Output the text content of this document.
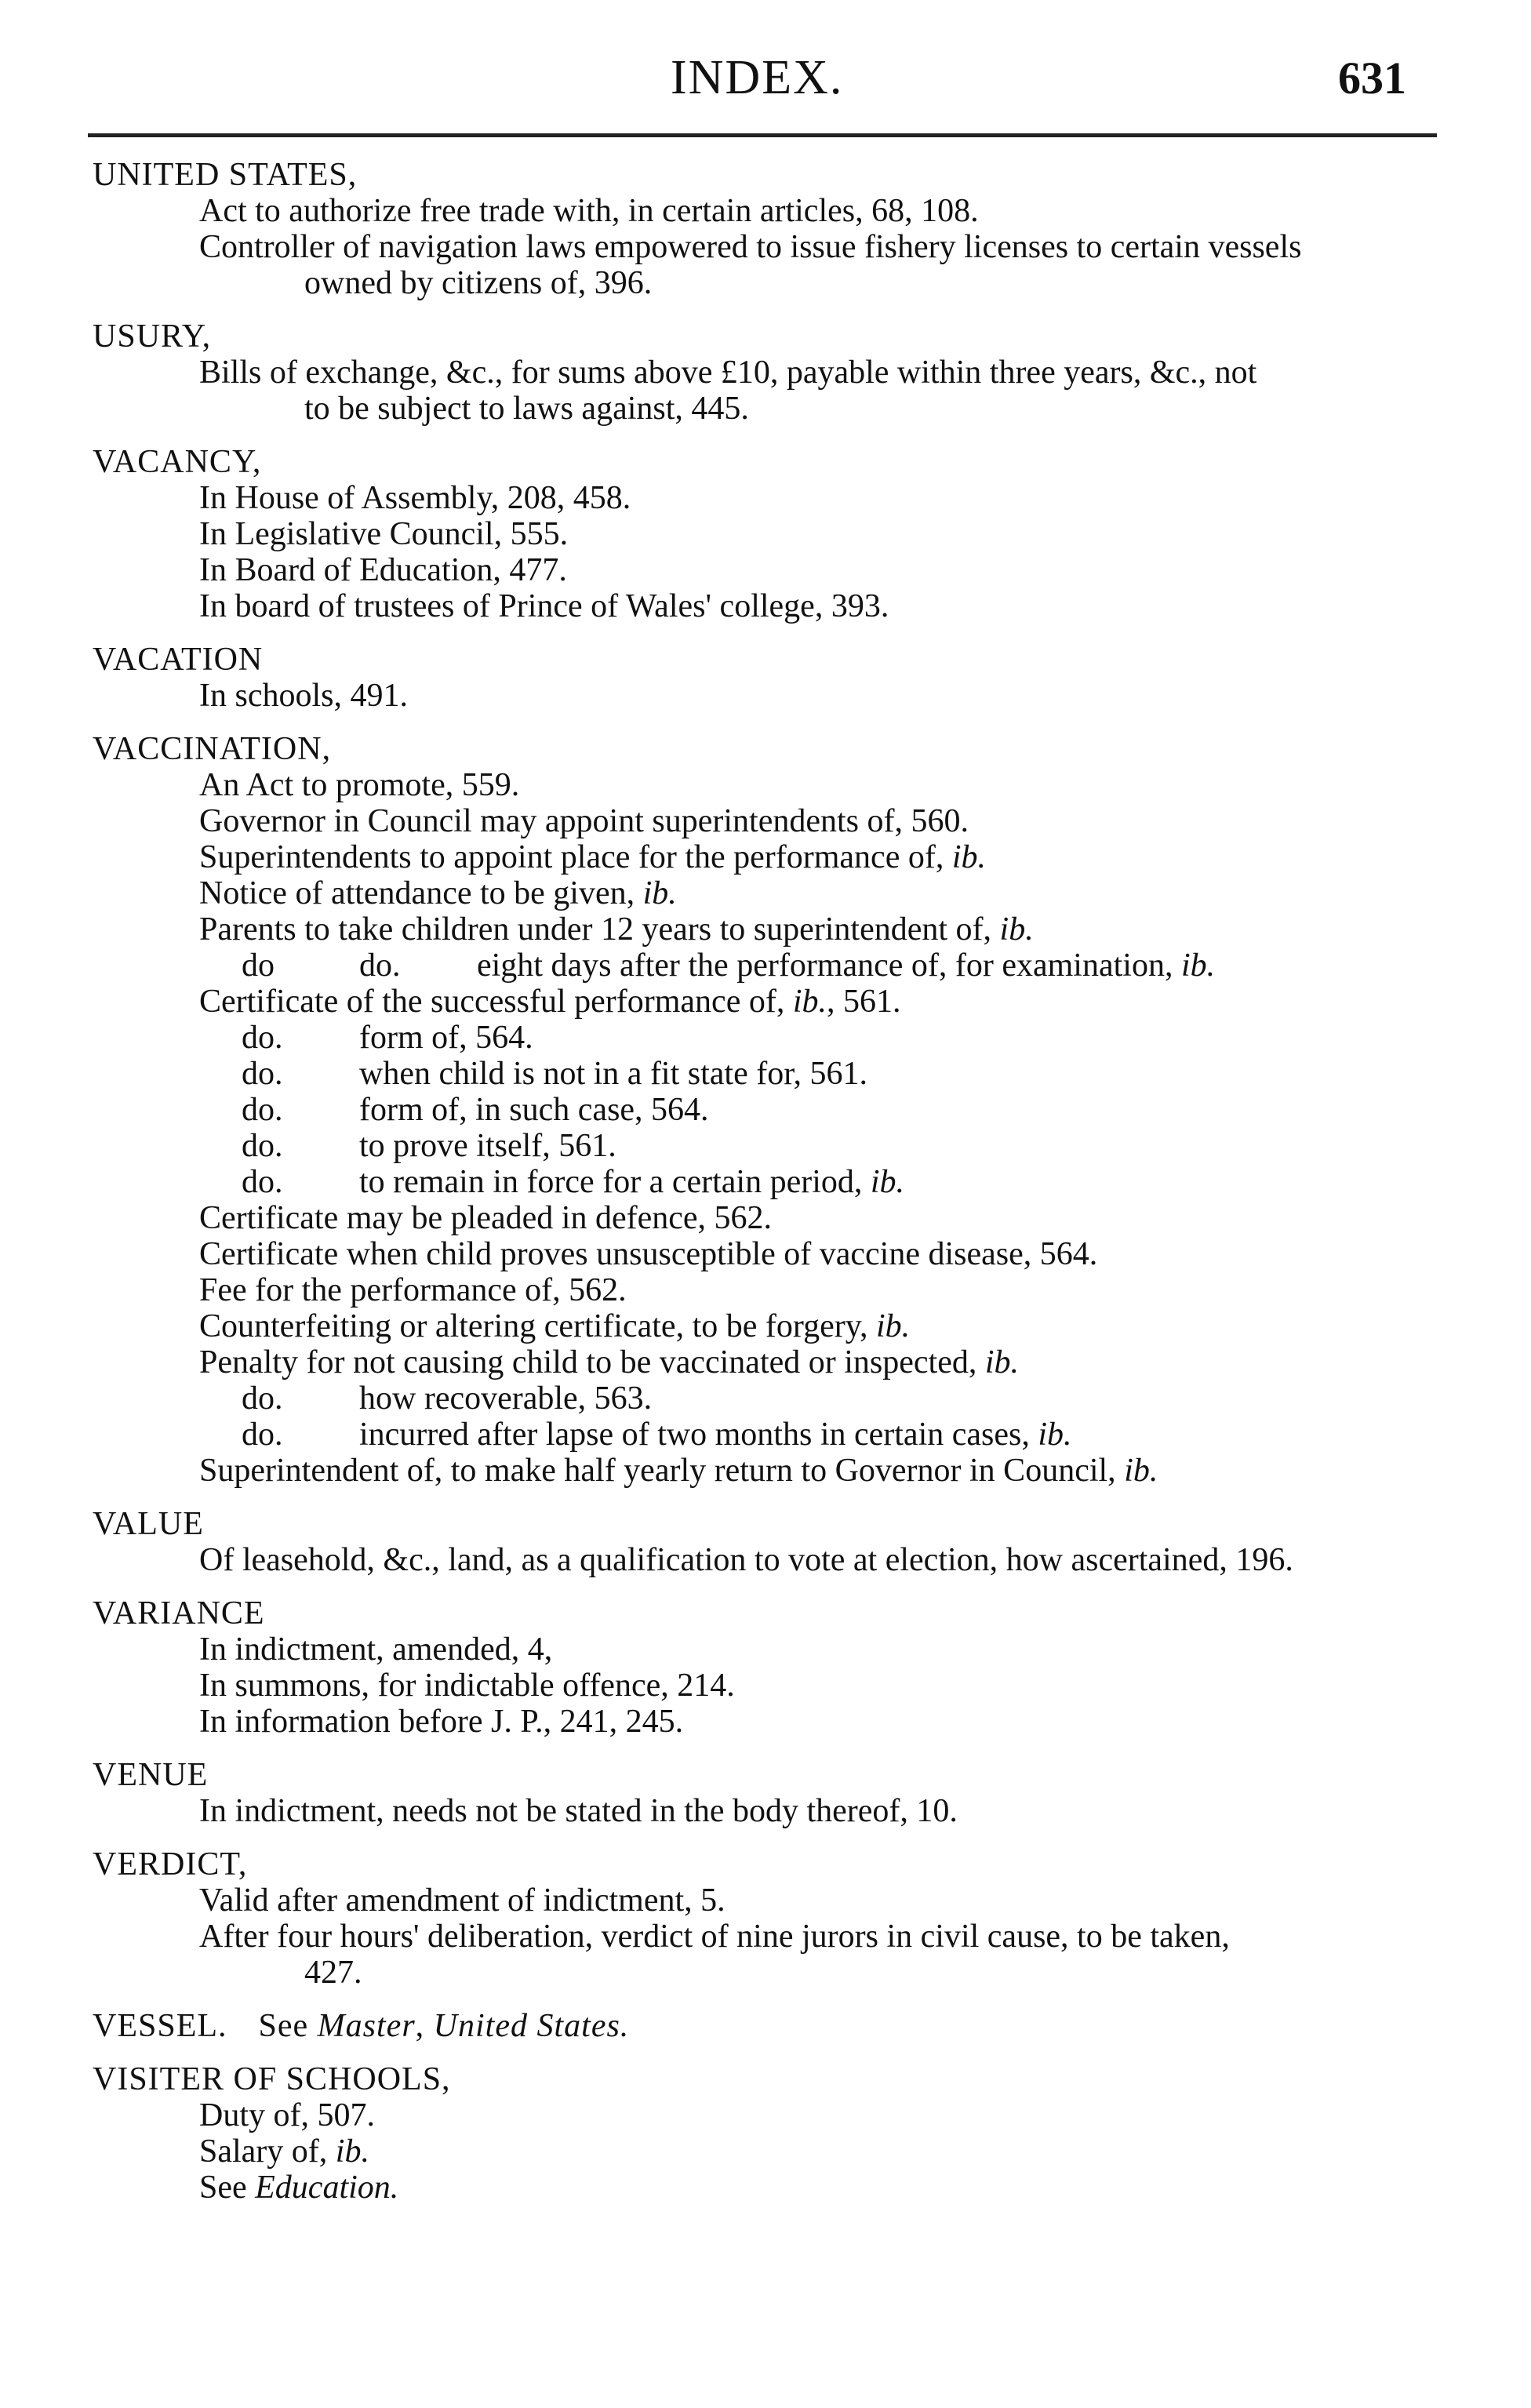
INDEX.	631
UNITED STATES,
Act to authorize free trade with, in certain articles, 68, 108.
Controller of navigation laws empowered to issue fishery licenses to certain vessels
owned by citizens of, 396.
USURY,
Bills of exchange, &c., for sums above £10, payable within three years, &c., not
to be subject to laws against, 445.
VACANCY,
In House of Assembly, 208, 458.
In Legislative Council, 555.
In Board of Education, 477.
In board of trustees of Prince of Wales' college, 393.
VACATION
In schools, 491.
VACCINATION,
An Act to promote, 559.
Governor in Council may appoint superintendents of, 560.
Superintendents to appoint place for the performance of, ib.
Notice of attendance to be given, ib.
Parents to take children under 12 years to superintendent of, ib.
do	do. eight days after the performance of, for examination, ib.
Certificate of the successful performance of, ib., 561.
do. form of, 564.
do. when child is not in a fit state for, 561.
do. form of, in such case, 564.
do. to prove itself, 561.
do. to remain in force for a certain period, ib.
Certificate may be pleaded in defence, 562.
Certificate when child proves unsusceptible of vaccine disease, 564.
Fee for the performance of, 562.
Counterfeiting or altering certificate, to be forgery, ib.
Penalty for not causing child to be vaccinated or inspected, ib.
do. how recoverable, 563.
do. incurred after lapse of two months in certain cases, ib.
Superintendent of, to make half yearly return to Governor in Council, ib.
VALUE
Of leasehold, &c., land, as a qualification to vote at election, how ascertained, 196.
VARIANCE
In indictment, amended, 4,
In summons, for indictable offence, 214.
In information before J. P., 241, 245.
VENUE
In indictment, needs not be stated in the body thereof, 10.
VERDICT,
Valid after amendment of indictment, 5.
After four hours' deliberation, verdict of nine jurors in civil cause, to be taken,
427.
VESSEL. See Master, United States.
VISITER OF SCHOOLS,
Duty of, 507.
Salary of, ib.
See Education.
